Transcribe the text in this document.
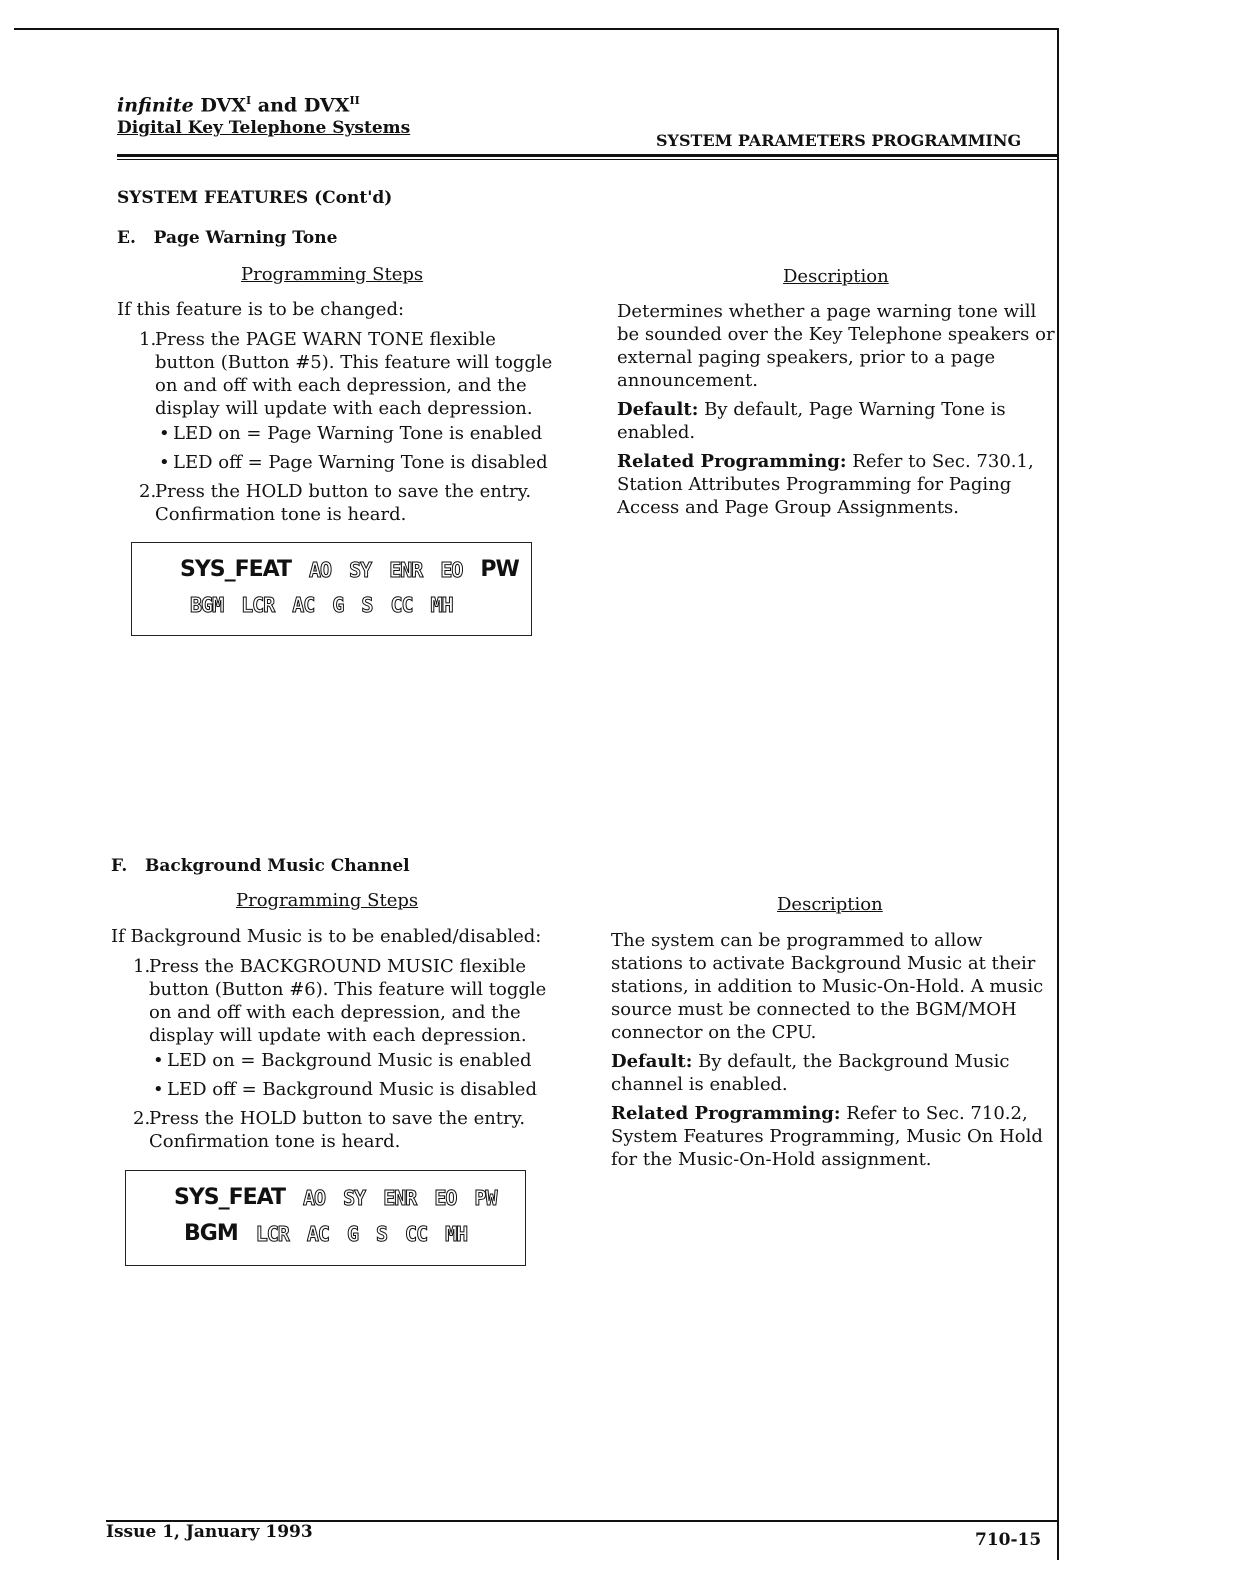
infinite $DVX^I$ and $DVX^{II}$
Digital Key Telephone Systems
SYSTEM PARAMETERS PROGRAMMING
SYSTEM FEATURES (Cont'd)
E. Page Warning Tone
Programming Steps	Description

If this feature is to be changed:

1.
Press the PAGE WARN TONE flexible button (Button #5). This feature will toggle on and off with each depression, and the display will update with each depression.
• LED on = Page Warning Tone is enabled
• LED off = Page Warning Tone is disabled
2.
Press the HOLD button to save the entry. Confirmation tone is heard.

Determines whether a page warning tone will be sounded over the Key Telephone speakers or external paging speakers, prior to a page announcement.

Default: By default, Page Warning Tone is enabled.

Related Programming: Refer to Sec. 730.1, Station Attributes Programming for Paging Access and Page Group Assignments.

SYS_FEAT AO SY ENR EO PW
BGM LCR AC G S CC MH
F. Background Music Channel
Programming Steps	Description

If Background Music is to be enabled/disabled:

1.
Press the BACKGROUND MUSIC flexible button (Button #6). This feature will toggle on and off with each depression, and the display will update with each depression.
• LED on = Background Music is enabled
• LED off = Background Music is disabled
2.
Press the HOLD button to save the entry. Confirmation tone is heard.

The system can be programmed to allow stations to activate Background Music at their stations, in addition to Music-On-Hold. A music source must be connected to the BGM/MOH connector on the CPU.

Default: By default, the Background Music channel is enabled.

Related Programming: Refer to Sec. 710.2, System Features Programming, Music On Hold for the Music-On-Hold assignment.

SYS_FEAT AO SY ENR EO PW
BGM LCR AC G S CC MH
Issue 1, January 1993	710-15
